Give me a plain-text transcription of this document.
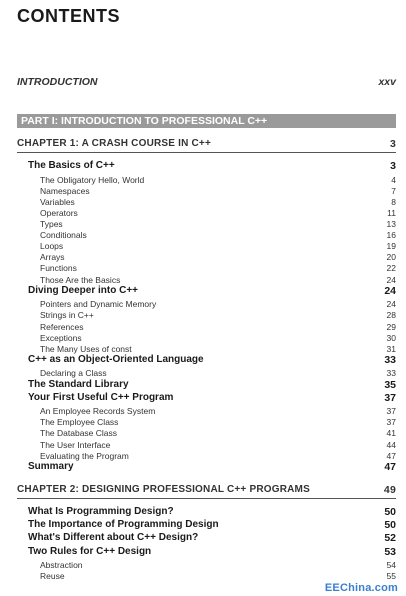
CONTENTS
INTRODUCTION	xxv
PART I: INTRODUCTION TO PROFESSIONAL C++
CHAPTER 1: A CRASH COURSE IN C++	3
The Basics of C++	3
The Obligatory Hello, World	4
Namespaces	7
Variables	8
Operators	11
Types	13
Conditionals	16
Loops	19
Arrays	20
Functions	22
Those Are the Basics	24
Diving Deeper into C++	24
Pointers and Dynamic Memory	24
Strings in C++	28
References	29
Exceptions	30
The Many Uses of const	31
C++ as an Object-Oriented Language	33
Declaring a Class	33
The Standard Library	35
Your First Useful C++ Program	37
An Employee Records System	37
The Employee Class	37
The Database Class	41
The User Interface	44
Evaluating the Program	47
Summary	47
CHAPTER 2: DESIGNING PROFESSIONAL C++ PROGRAMS	49
What Is Programming Design?	50
The Importance of Programming Design	50
What's Different about C++ Design?	52
Two Rules for C++ Design	53
Abstraction	54
Reuse	55
EEChina.com
